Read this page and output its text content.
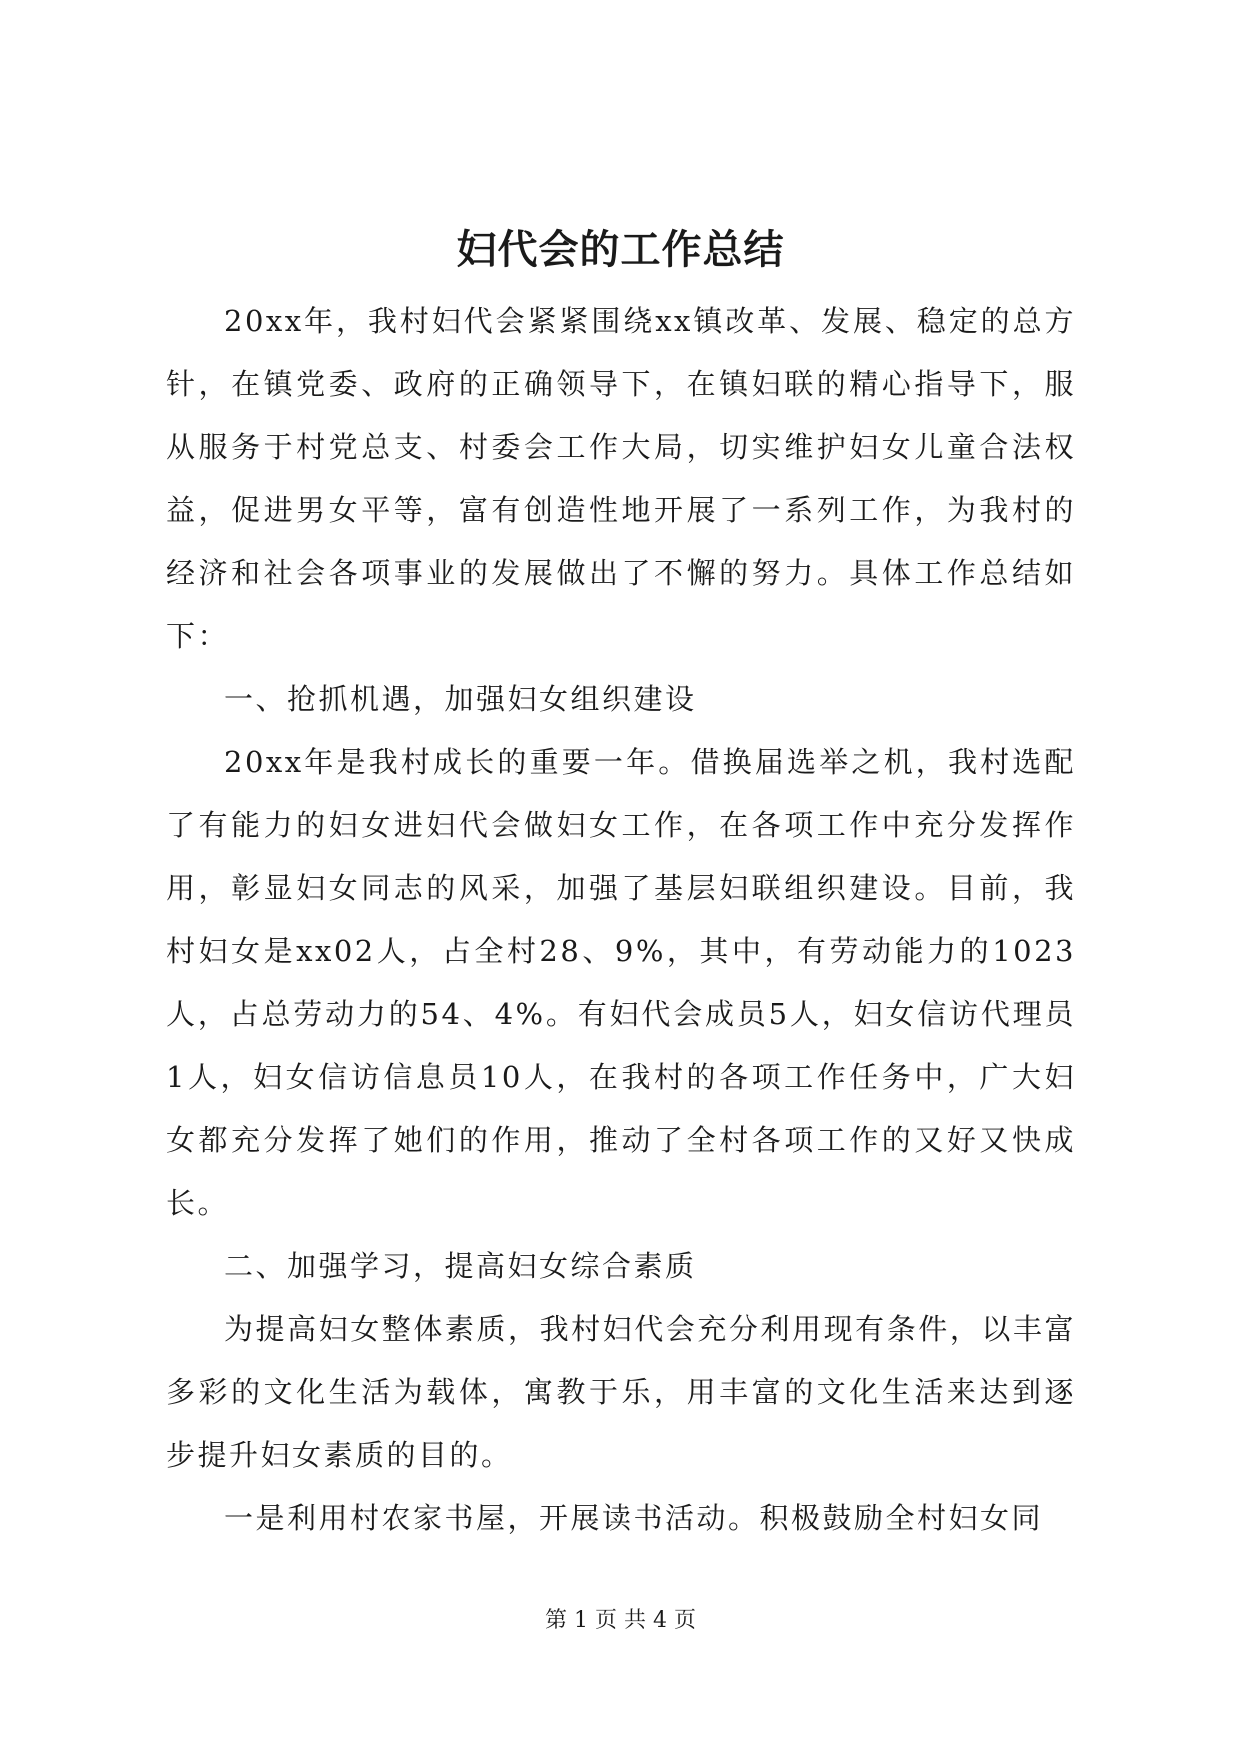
妇代会的工作总结

20xx年，我村妇代会紧紧围绕xx镇改革、发展、稳定的总方针，在镇党委、政府的正确领导下，在镇妇联的精心指导下，服从服务于村党总支、村委会工作大局，切实维护妇女儿童合法权益，促进男女平等，富有创造性地开展了一系列工作，为我村的经济和社会各项事业的发展做出了不懈的努力。具体工作总结如下：

一、抢抓机遇，加强妇女组织建设

20xx年是我村成长的重要一年。借换届选举之机，我村选配了有能力的妇女进妇代会做妇女工作，在各项工作中充分发挥作用，彰显妇女同志的风采，加强了基层妇联组织建设。目前，我村妇女是xx02人，占全村28、9%，其中，有劳动能力的1023人，占总劳动力的54、4%。有妇代会成员5人，妇女信访代理员1人，妇女信访信息员10人，在我村的各项工作任务中，广大妇女都充分发挥了她们的作用，推动了全村各项工作的又好又快成长。

二、加强学习，提高妇女综合素质

为提高妇女整体素质，我村妇代会充分利用现有条件，以丰富多彩的文化生活为载体，寓教于乐，用丰富的文化生活来达到逐步提升妇女素质的目的。

一是利用村农家书屋，开展读书活动。积极鼓励全村妇女同

第 1 页 共 4 页
